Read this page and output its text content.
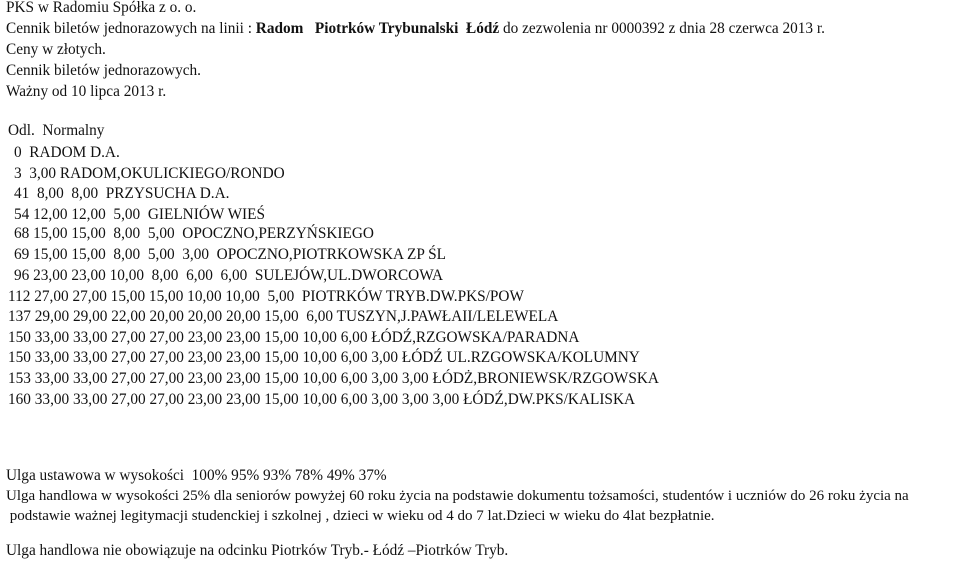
PKS w Radomiu Spółka z o. o.
Cennik biletów jednorazowych na linii : Radom   Piotrków Trybunalski  Łódź do zezwolenia nr 0000392 z dnia 28 czerwca 2013 r.
Ceny w złotych.
Cennik biletów jednorazowych.
Ważny od 10 lipca 2013 r.
Odl.  Normalny
0  RADOM D.A.
3  3,00 RADOM,OKULICKIEGO/RONDO
41  8,00  8,00  PRZYSUCHA D.A.
54 12,00 12,00  5,00  GIELNIÓW WIEŚ
68 15,00 15,00  8,00  5,00  OPOCZNO,PERZYŃSKIEGO
69 15,00 15,00  8,00  5,00  3,00  OPOCZNO,PIOTRKOWSKA ZP ŚL
96 23,00 23,00 10,00  8,00  6,00  6,00  SULEJÓW,UL.DWORCOWA
112 27,00 27,00 15,00 15,00 10,00 10,00  5,00  PIOTRKÓW TRYB.DW.PKS/POW
137 29,00 29,00 22,00 20,00 20,00 20,00 15,00  6,00 TUSZYN,J.PAWŁAII/LELEWELA
150 33,00 33,00 27,00 27,00 23,00 23,00 15,00 10,00 6,00 ŁÓDŹ,RZGOWSKA/PARADNA
150 33,00 33,00 27,00 27,00 23,00 23,00 15,00 10,00 6,00 3,00 ŁÓDŹ UL.RZGOWSKA/KOLUMNY
153 33,00 33,00 27,00 27,00 23,00 23,00 15,00 10,00 6,00 3,00 3,00 ŁÓDŻ,BRONIEWSK/RZGOWSKA
160 33,00 33,00 27,00 27,00 23,00 23,00 15,00 10,00 6,00 3,00 3,00 3,00 ŁÓDŹ,DW.PKS/KALISKA
Ulga ustawowa w wysokości  100% 95% 93% 78% 49% 37%
Ulga handlowa w wysokości 25% dla seniorów powyżej 60 roku życia na podstawie dokumentu tożsamości, studentów i uczniów do 26 roku życia na
podstawie ważnej legitymacji studenckiej i szkolnej , dzieci w wieku od 4 do 7 lat.Dzieci w wieku do 4lat bezpłatnie.
Ulga handlowa nie obowiązuje na odcinku Piotrków Tryb.- Łódź –Piotrków Tryb.
